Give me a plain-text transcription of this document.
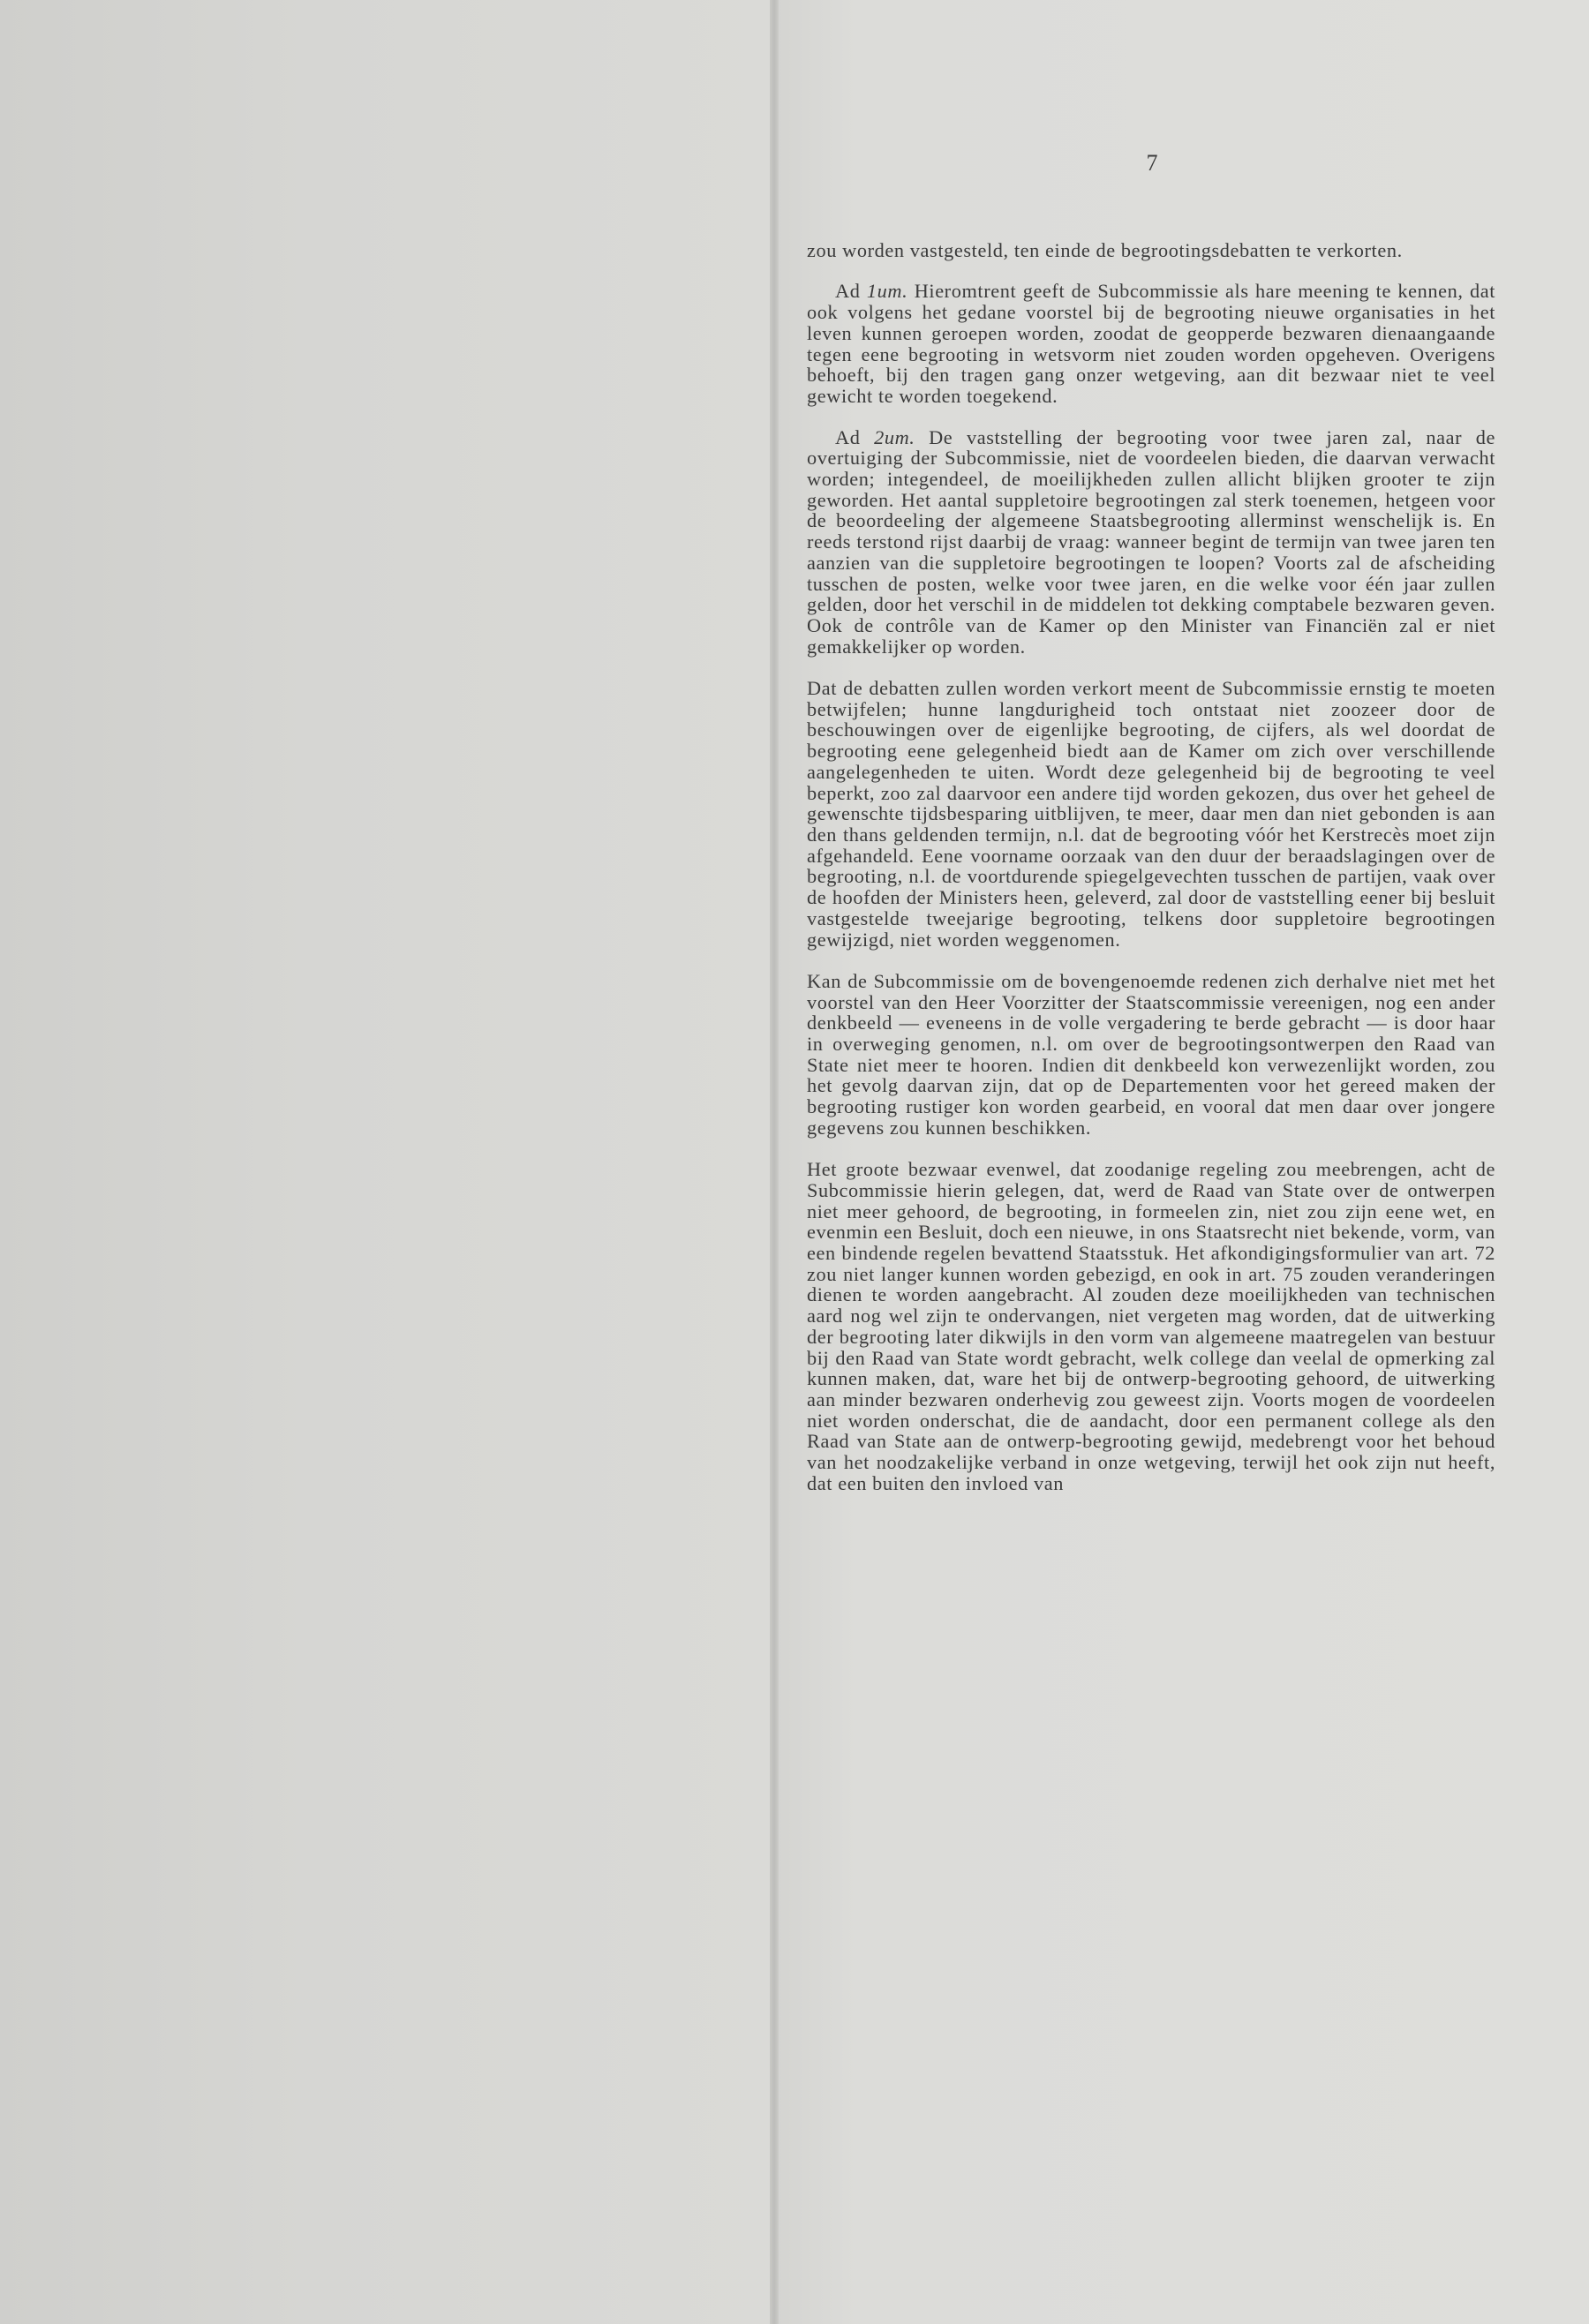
7

zou worden vastgesteld, ten einde de begrootingsdebatten te verkorten.

Ad 1um. Hieromtrent geeft de Subcommissie als hare meening te kennen, dat ook volgens het gedane voorstel bij de begrooting nieuwe organisaties in het leven kunnen geroepen worden, zoodat de geopperde bezwaren dienaangaande tegen eene begrooting in wetsvorm niet zouden worden opgeheven. Overigens behoeft, bij den tragen gang onzer wetgeving, aan dit bezwaar niet te veel gewicht te worden toegekend.

Ad 2um. De vaststelling der begrooting voor twee jaren zal, naar de overtuiging der Subcommissie, niet de voordeelen bieden, die daarvan verwacht worden; integendeel, de moeilijkheden zullen allicht blijken grooter te zijn geworden. Het aantal suppletoire begrootingen zal sterk toenemen, hetgeen voor de beoordeeling der algemeene Staatsbegrooting allerminst wenschelijk is. En reeds terstond rijst daarbij de vraag: wanneer begint de termijn van twee jaren ten aanzien van die suppletoire begrootingen te loopen? Voorts zal de afscheiding tusschen de posten, welke voor twee jaren, en die welke voor één jaar zullen gelden, door het verschil in de middelen tot dekking comptabele bezwaren geven. Ook de contrôle van de Kamer op den Minister van Financiën zal er niet gemakkelijker op worden.

Dat de debatten zullen worden verkort meent de Subcommissie ernstig te moeten betwijfelen; hunne langdurigheid toch ontstaat niet zoozeer door de beschouwingen over de eigenlijke begrooting, de cijfers, als wel doordat de begrooting eene gelegenheid biedt aan de Kamer om zich over verschillende aangelegenheden te uiten. Wordt deze gelegenheid bij de begrooting te veel beperkt, zoo zal daarvoor een andere tijd worden gekozen, dus over het geheel de gewenschte tijdsbesparing uitblijven, te meer, daar men dan niet gebonden is aan den thans geldenden termijn, n.l. dat de begrooting vóór het Kerstrecès moet zijn afgehandeld. Eene voorname oorzaak van den duur der beraadslagingen over de begrooting, n.l. de voortdurende spiegelgevechten tusschen de partijen, vaak over de hoofden der Ministers heen, geleverd, zal door de vaststelling eener bij besluit vastgestelde tweejarige begrooting, telkens door suppletoire begrootingen gewijzigd, niet worden weggenomen.

Kan de Subcommissie om de bovengenoemde redenen zich derhalve niet met het voorstel van den Heer Voorzitter der Staatscommissie vereenigen, nog een ander denkbeeld — eveneens in de volle vergadering te berde gebracht — is door haar in overweging genomen, n.l. om over de begrootingsontwerpen den Raad van State niet meer te hooren. Indien dit denkbeeld kon verwezenlijkt worden, zou het gevolg daarvan zijn, dat op de Departementen voor het gereed maken der begrooting rustiger kon worden gearbeid, en vooral dat men daar over jongere gegevens zou kunnen beschikken.

Het groote bezwaar evenwel, dat zoodanige regeling zou meebrengen, acht de Subcommissie hierin gelegen, dat, werd de Raad van State over de ontwerpen niet meer gehoord, de begrooting, in formeelen zin, niet zou zijn eene wet, en evenmin een Besluit, doch een nieuwe, in ons Staatsrecht niet bekende, vorm, van een bindende regelen bevattend Staatsstuk. Het afkondigingsformulier van art. 72 zou niet langer kunnen worden gebezigd, en ook in art. 75 zouden veranderingen dienen te worden aangebracht. Al zouden deze moeilijkheden van technischen aard nog wel zijn te ondervangen, niet vergeten mag worden, dat de uitwerking der begrooting later dikwijls in den vorm van algemeene maatregelen van bestuur bij den Raad van State wordt gebracht, welk college dan veelal de opmerking zal kunnen maken, dat, ware het bij de ontwerp-begrooting gehoord, de uitwerking aan minder bezwaren onderhevig zou geweest zijn. Voorts mogen de voordeelen niet worden onderschat, die de aandacht, door een permanent college als den Raad van State aan de ontwerp-begrooting gewijd, medebrengt voor het behoud van het noodzakelijke verband in onze wetgeving, terwijl het ook zijn nut heeft, dat een buiten den invloed van
